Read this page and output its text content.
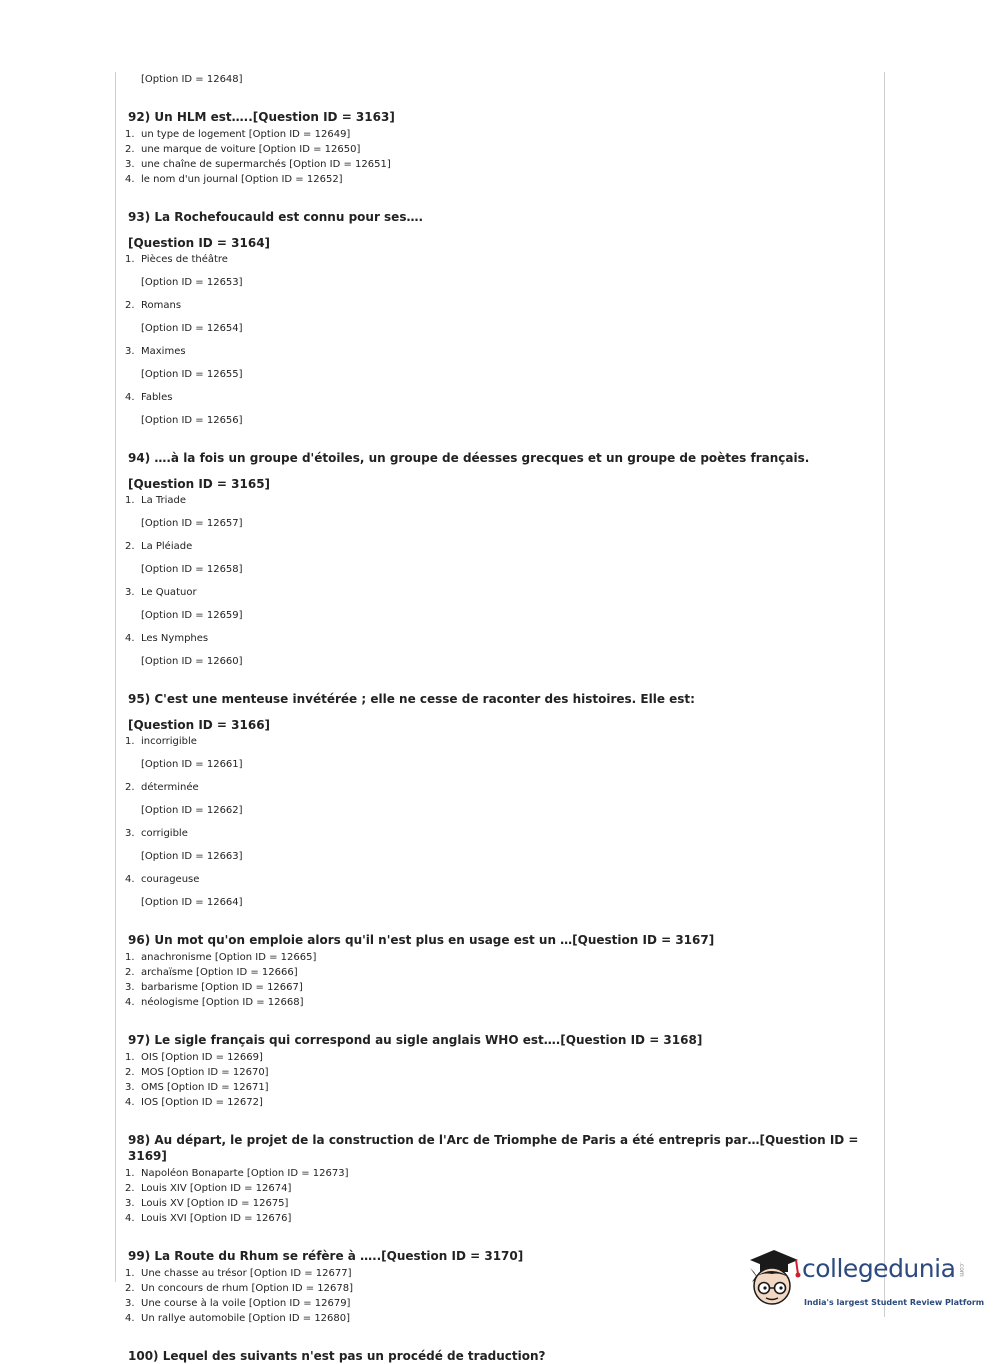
[Option ID = 12648]
92) Un HLM est…..[Question ID = 3163]
1. un type de logement [Option ID = 12649]
2. une marque de voiture [Option ID = 12650]
3. une chaîne de supermarchés [Option ID = 12651]
4. le nom d'un journal [Option ID = 12652]
93) La Rochefoucauld est connu pour ses….
[Question ID = 3164]
1. Pièces de théâtre
[Option ID = 12653]
2. Romans
[Option ID = 12654]
3. Maximes
[Option ID = 12655]
4. Fables
[Option ID = 12656]
94) ….à la fois un groupe d'étoiles, un groupe de déesses grecques et un groupe de poètes français.
[Question ID = 3165]
1. La Triade
[Option ID = 12657]
2. La Pléiade
[Option ID = 12658]
3. Le Quatuor
[Option ID = 12659]
4. Les Nymphes
[Option ID = 12660]
95) C'est une menteuse invétérée ; elle ne cesse de raconter des histoires. Elle est:
[Question ID = 3166]
1. incorrigible
[Option ID = 12661]
2. déterminée
[Option ID = 12662]
3. corrigible
[Option ID = 12663]
4. courageuse
[Option ID = 12664]
96) Un mot qu'on emploie alors qu'il n'est plus en usage est un …[Question ID = 3167]
1. anachronisme [Option ID = 12665]
2. archaïsme [Option ID = 12666]
3. barbarisme [Option ID = 12667]
4. néologisme [Option ID = 12668]
97) Le sigle français qui correspond au sigle anglais WHO est….[Question ID = 3168]
1. OIS [Option ID = 12669]
2. MOS [Option ID = 12670]
3. OMS [Option ID = 12671]
4. IOS [Option ID = 12672]
98) Au départ, le projet de la construction de l'Arc de Triomphe de Paris a été entrepris par…[Question ID = 3169]
1. Napoléon Bonaparte [Option ID = 12673]
2. Louis XIV [Option ID = 12674]
3. Louis XV [Option ID = 12675]
4. Louis XVI [Option ID = 12676]
99) La Route du Rhum se réfère à …..[Question ID = 3170]
1. Une chasse au trésor [Option ID = 12677]
2. Un concours de rhum [Option ID = 12678]
3. Une course à la voile [Option ID = 12679]
4. Un rallye automobile [Option ID = 12680]
100) Lequel des suivants n'est pas un procédé de traduction?
collegedunia .com
India's largest Student Review Platform
